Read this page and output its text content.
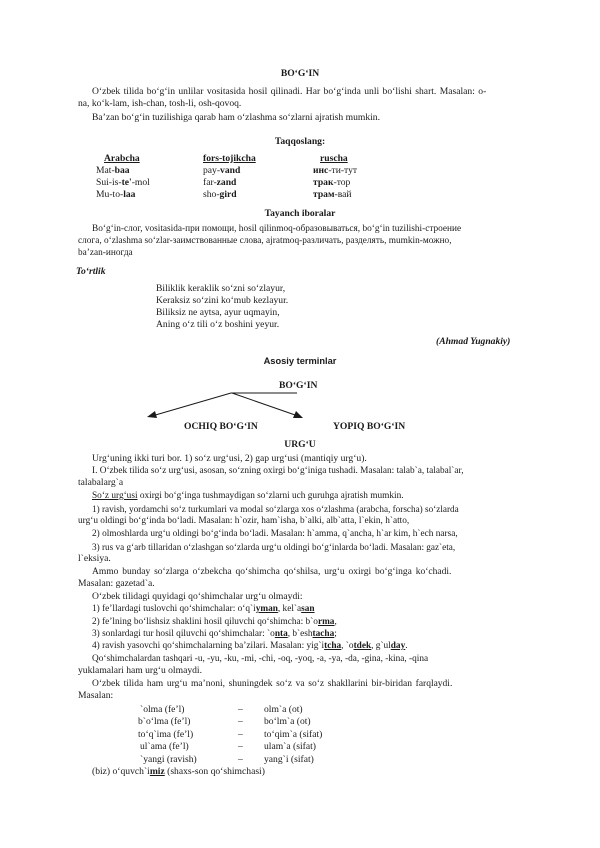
BO‘G‘IN
O‘zbek tilida bo‘g‘in unlilar vositasida hosil qilinadi. Har bo‘g‘inda unli bo‘lishi shart. Masalan: o-
na, ko‘k-lam, ish-chan, tosh-li, osh-qovoq.
Ba’zan bo‘g‘in tuzilishiga qarab ham o‘zlashma so‘zlarni ajratish mumkin.
Taqqoslang:
Arabcha	fors-tojikcha	ruscha
Mat-baa	pay-vand	инс-ти-тут
Sui-is-te'-mol	far-zand	трак-тор
Mu-to-laa	sho-gird	трам-вай
Tayanch iboralar
Bo‘g‘in-слог, vositasida-при помощи, hosil qilinmoq-образовываться, bo‘g‘in tuzilishi-строение
слога, o‘zlashma so‘zlar-заимствованные слова, ajratmoq-различать, разделять, mumkin-можно,
ba’zan-иногда
To‘rtlik
Biliklik keraklik so‘zni so‘zlayur,
Keraksiz so‘zini ko‘mub kezlayur.
Biliksiz ne aytsa, ayur uqmayin,
Aning o‘z tili o‘z boshini yeyur.
(Ahmad Yugnakiy)
Asosiy terminlar
BO‘G‘IN
OCHIQ BO‘G‘IN	YOPIQ BO‘G‘IN
URG‘U
Urg‘uning ikki turi bor. 1) so‘z urg‘usi, 2) gap urg‘usi (mantiqiy urg‘u).
I. O‘zbek tilida so‘z urg‘usi, asosan, so‘zning oxirgi bo‘g‘iniga tushadi. Masalan: talab`a, talabal`ar,
talabalarg`a
So‘z urg‘usi oxirgi bo‘g‘inga tushmaydigan so‘zlarni uch guruhga ajratish mumkin.
1) ravish, yordamchi so‘z turkumlari va modal so‘zlarga xos o‘zlashma (arabcha, forscha) so‘zlarda
urg‘u oldingi bo‘g‘inda bo‘ladi. Masalan: h`ozir, ham`isha, b`alki, alb`atta, l`ekin, h`atto,
2) olmoshlarda urg‘u oldingi bo‘g‘inda bo‘ladi. Masalan: h`amma, q`ancha, h`ar kim, h`ech narsa,
3) rus va g‘arb tillaridan o‘zlashgan so‘zlarda urg‘u oldingi bo‘g‘inlarda bo‘ladi. Masalan: gaz`eta,
l`eksiya.
Ammo bunday so‘zlarga o‘zbekcha qo‘shimcha qo‘shilsa, urg‘u oxirgi bo‘g‘inga ko‘chadi.
Masalan: gazetad`a.
O‘zbek tilidagi quyidagi qo‘shimchalar urg‘u olmaydi:
1) fe’llardagi tuslovchi qo‘shimchalar: o‘q`iyman, kel`asan
2) fe’lning bo‘lishsiz shaklini hosil qiluvchi qo‘shimcha: b`orma,
3) sonlardagi tur hosil qiluvchi qo‘shimchalar: `onta, b`eshtacha;
4) ravish yasovchi qo‘shimchalarning ba’zilari. Masalan: yig`itcha, `otdek, g`ulday.
Qo‘shimchalardan tashqari -u, -yu, -ku, -mi, -chi, -oq, -yoq, -a, -ya, -da, -gina, -kina, -qina
yuklamalari ham urg‘u olmaydi.
O‘zbek tilida ham urg‘u ma’noni, shuningdek so‘z va so‘z shakllarini bir-biridan farqlaydi.
Masalan:
`olma (fe’l)	– olm`a (ot)
b`o‘lma (fe’l)	– bo‘lm`a (ot)
to‘q`ima (fe’l)	– to‘qim`a (sifat)
ul`ama (fe’l)	– ulam`a (sifat)
`yangi (ravish)	– yang`i (sifat)
(biz) o‘quvch`imiz (shaxs-son qo‘shimchasi)
